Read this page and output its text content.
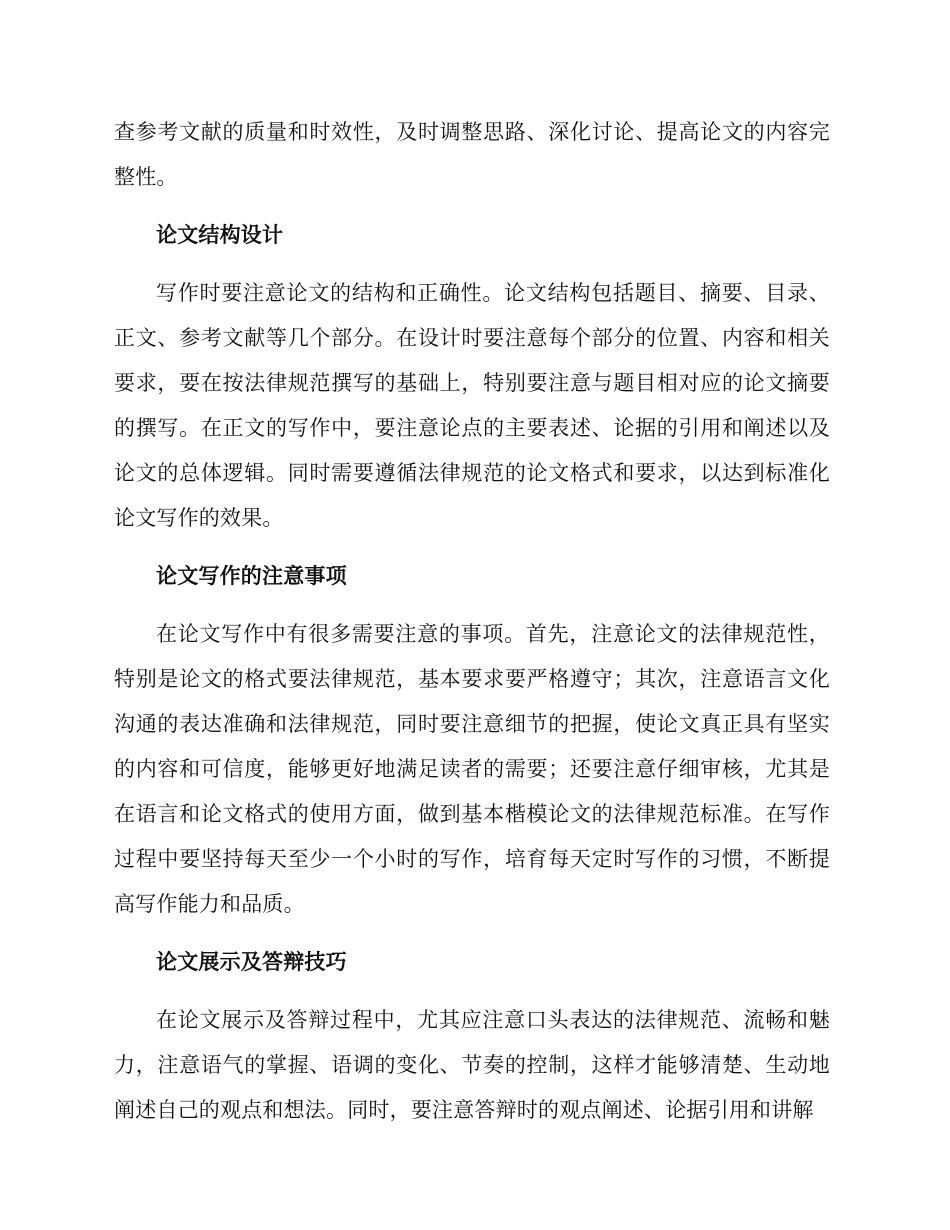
查参考文献的质量和时效性，及时调整思路、深化讨论、提高论文的内容完整性。

论文结构设计

写作时要注意论文的结构和正确性。论文结构包括题目、摘要、目录、正文、参考文献等几个部分。在设计时要注意每个部分的位置、内容和相关要求，要在按法律规范撰写的基础上，特别要注意与题目相对应的论文摘要的撰写。在正文的写作中，要注意论点的主要表述、论据的引用和阐述以及论文的总体逻辑。同时需要遵循法律规范的论文格式和要求，以达到标准化论文写作的效果。

论文写作的注意事项

在论文写作中有很多需要注意的事项。首先，注意论文的法律规范性，特别是论文的格式要法律规范，基本要求要严格遵守；其次，注意语言文化沟通的表达准确和法律规范，同时要注意细节的把握，使论文真正具有坚实的内容和可信度，能够更好地满足读者的需要；还要注意仔细审核，尤其是在语言和论文格式的使用方面，做到基本楷模论文的法律规范标准。在写作过程中要坚持每天至少一个小时的写作，培育每天定时写作的习惯，不断提高写作能力和品质。

论文展示及答辩技巧

在论文展示及答辩过程中，尤其应注意口头表达的法律规范、流畅和魅力，注意语气的掌握、语调的变化、节奏的控制，这样才能够清楚、生动地阐述自己的观点和想法。同时，要注意答辩时的观点阐述、论据引用和讲解
